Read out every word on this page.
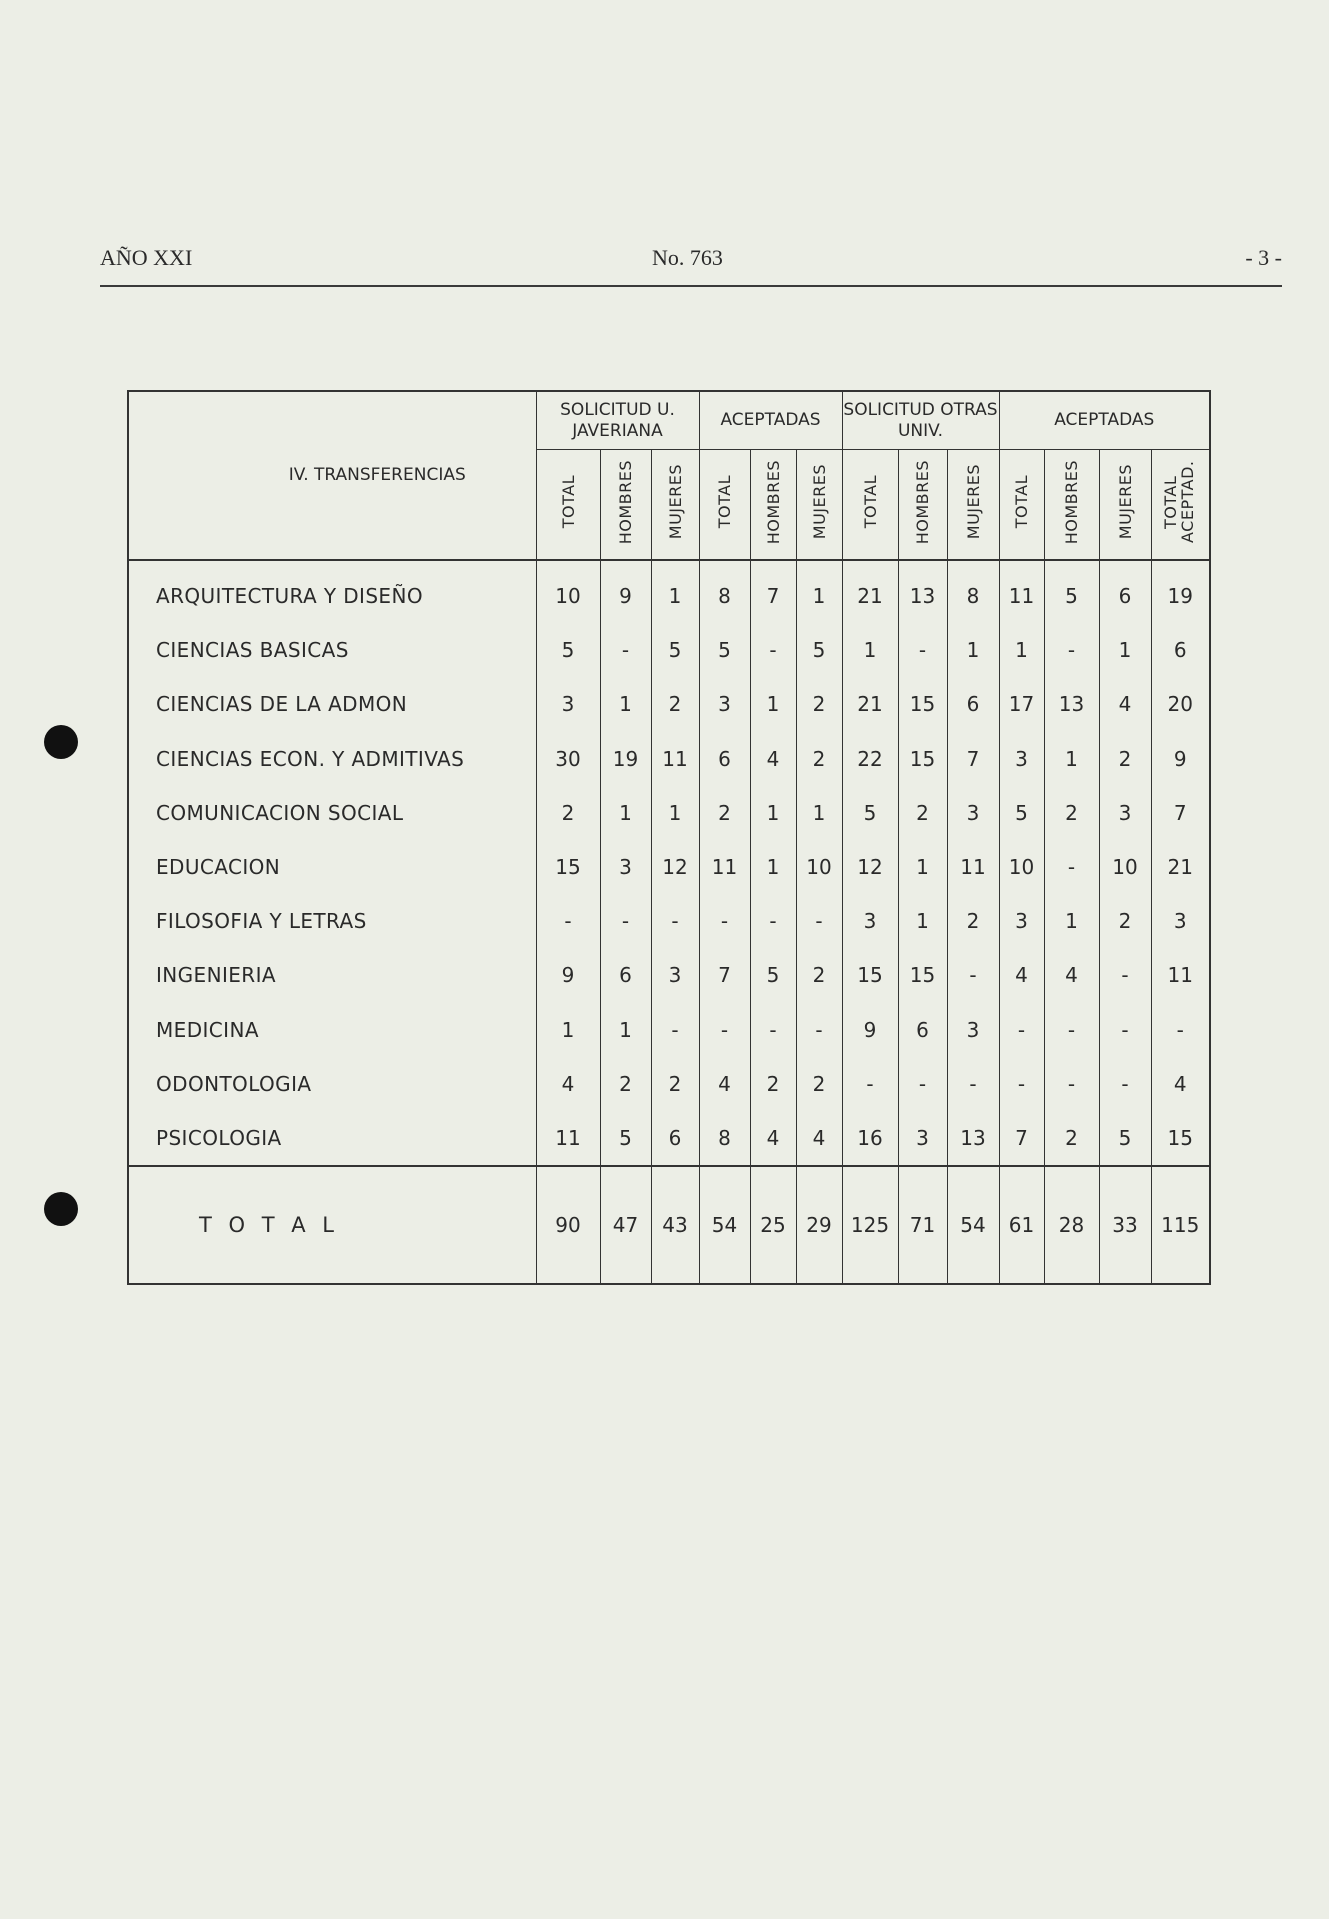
AÑO XXI	No. 763	- 3 -
IV. TRANSFERENCIAS	SOLICITUD U. JAVERIANA			ACEPTADAS			SOLICITUD OTRAS UNIV.			ACEPTADAS			
	TOTAL	HOMBRES	MUJERES	TOTAL	HOMBRES	MUJERES	TOTAL	HOMBRES	MUJERES	TOTAL	HOMBRES	MUJERES	TOTAL ACEPTAD.
ARQUITECTURA Y DISEÑO	10	9	1	8	7	1	21	13	8	11	5	6	19
CIENCIAS BASICAS	5	-	5	5	-	5	1	-	1	1	-	1	6
CIENCIAS DE LA ADMON	3	1	2	3	1	2	21	15	6	17	13	4	20
CIENCIAS ECON. Y ADMITIVAS	30	19	11	6	4	2	22	15	7	3	1	2	9
COMUNICACION SOCIAL	2	1	1	2	1	1	5	2	3	5	2	3	7
EDUCACION	15	3	12	11	1	10	12	1	11	10	-	10	21
FILOSOFIA Y LETRAS	-	-	-	-	-	-	3	1	2	3	1	2	3
INGENIERIA	9	6	3	7	5	2	15	15	-	4	4	-	11
MEDICINA	1	1	-	-	-	-	9	6	3	-	-	-	-
ODONTOLOGIA	4	2	2	4	2	2	-	-	-	-	-	-	4
PSICOLOGIA	11	5	6	8	4	4	16	3	13	7	2	5	15
T O T A L	90	47	43	54	25	29	125	71	54	61	28	33	115
